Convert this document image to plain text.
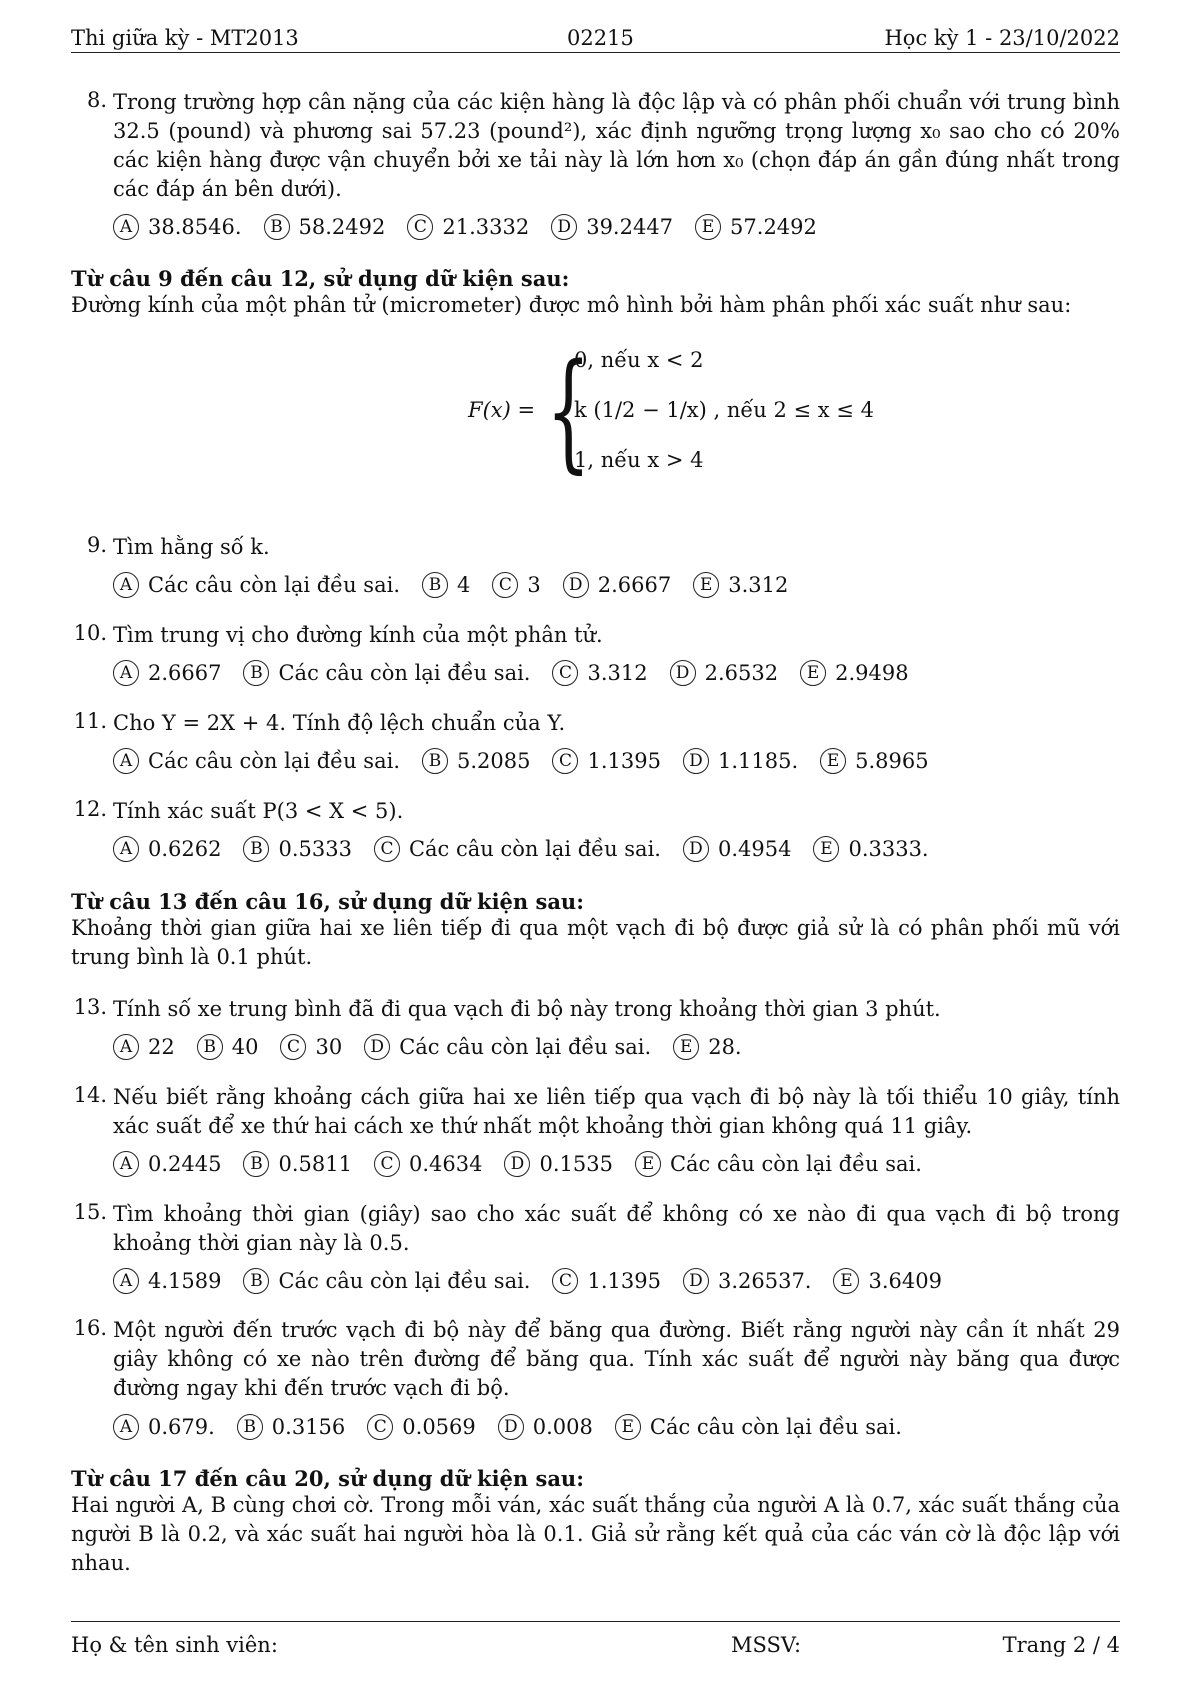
Thi giữa kỳ - MT2013	02215	Học kỳ 1 - 23/10/2022
8. Trong trường hợp cân nặng của các kiện hàng là độc lập và có phân phối chuẩn với trung bình 32.5 (pound) và phương sai 57.23 (pound²), xác định ngưỡng trọng lượng x₀ sao cho có 20% các kiện hàng được vận chuyển bởi xe tải này là lớn hơn x₀ (chọn đáp án gần đúng nhất trong các đáp án bên dưới).
A 38.8546. B 58.2492 C 21.3332 D 39.2447 E 57.2492
Từ câu 9 đến câu 12, sử dụng dữ kiện sau:
Đường kính của một phân tử (micrometer) được mô hình bởi hàm phân phối xác suất như sau:
F(x) = {
0, nếu x < 2
k (1/2 − 1/x) , nếu 2 ≤ x ≤ 4
1, nếu x > 4
9. Tìm hằng số k.
A Các câu còn lại đều sai. B 4 C 3 D 2.6667 E 3.312
10. Tìm trung vị cho đường kính của một phân tử.
A 2.6667 B Các câu còn lại đều sai. C 3.312 D 2.6532 E 2.9498
11. Cho Y = 2X + 4. Tính độ lệch chuẩn của Y.
A Các câu còn lại đều sai. B 5.2085 C 1.1395 D 1.1185. E 5.8965
12. Tính xác suất P(3 < X < 5).
A 0.6262 B 0.5333 C Các câu còn lại đều sai. D 0.4954 E 0.3333.
Từ câu 13 đến câu 16, sử dụng dữ kiện sau:
Khoảng thời gian giữa hai xe liên tiếp đi qua một vạch đi bộ được giả sử là có phân phối mũ với trung bình là 0.1 phút.
13. Tính số xe trung bình đã đi qua vạch đi bộ này trong khoảng thời gian 3 phút.
A 22 B 40 C 30 D Các câu còn lại đều sai. E 28.
14. Nếu biết rằng khoảng cách giữa hai xe liên tiếp qua vạch đi bộ này là tối thiểu 10 giây, tính xác suất để xe thứ hai cách xe thứ nhất một khoảng thời gian không quá 11 giây.
A 0.2445 B 0.5811 C 0.4634 D 0.1535 E Các câu còn lại đều sai.
15. Tìm khoảng thời gian (giây) sao cho xác suất để không có xe nào đi qua vạch đi bộ trong khoảng thời gian này là 0.5.
A 4.1589 B Các câu còn lại đều sai. C 1.1395 D 3.26537. E 3.6409
16. Một người đến trước vạch đi bộ này để băng qua đường. Biết rằng người này cần ít nhất 29 giây không có xe nào trên đường để băng qua. Tính xác suất để người này băng qua được đường ngay khi đến trước vạch đi bộ.
A 0.679. B 0.3156 C 0.0569 D 0.008 E Các câu còn lại đều sai.
Từ câu 17 đến câu 20, sử dụng dữ kiện sau:
Hai người A, B cùng chơi cờ. Trong mỗi ván, xác suất thắng của người A là 0.7, xác suất thắng của người B là 0.2, và xác suất hai người hòa là 0.1. Giả sử rằng kết quả của các ván cờ là độc lập với nhau.
Họ & tên sinh viên:	MSSV:	Trang 2 / 4
